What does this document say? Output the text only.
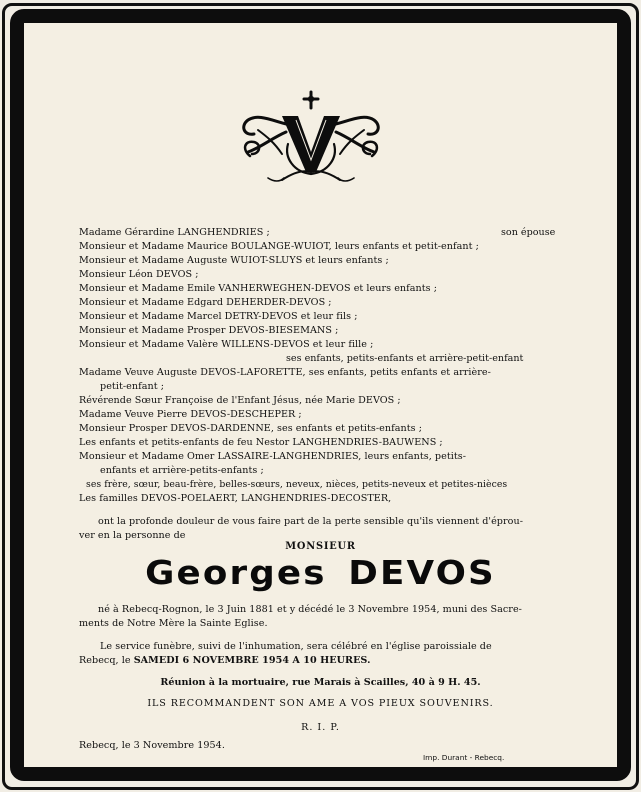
Madame Gérardine LANGHENDRIES ;	son épouse
Monsieur et Madame Maurice BOULANGE-WUIOT, leurs enfants et petit-enfant ;
Monsieur et Madame Auguste WUIOT-SLUYS et leurs enfants ;
Monsieur Léon DEVOS ;
Monsieur et Madame Emile VANHERWEGHEN-DEVOS et leurs enfants ;
Monsieur et Madame Edgard DEHERDER-DEVOS ;
Monsieur et Madame Marcel DETRY-DEVOS et leur fils ;
Monsieur et Madame Prosper DEVOS-BIESEMANS ;
Monsieur et Madame Valère WILLENS-DEVOS et leur fille ;
ses enfants, petits-enfants et arrière-petit-enfant
Madame Veuve Auguste DEVOS-LAFORETTE, ses enfants, petits enfants et arrière-
petit-enfant ;
Révérende Sœur Françoise de l'Enfant Jésus, née Marie DEVOS ;
Madame Veuve Pierre DEVOS-DESCHEPER ;
Monsieur Prosper DEVOS-DARDENNE, ses enfants et petits-enfants ;
Les enfants et petits-enfants de feu Nestor LANGHENDRIES-BAUWENS ;
Monsieur et Madame Omer LASSAIRE-LANGHENDRIES, leurs enfants, petits-
enfants et arrière-petits-enfants ;
ses frère, sœur, beau-frère, belles-sœurs, neveux, nièces, petits-neveux et petites-nièces
Les familles DEVOS-POELAERT, LANGHENDRIES-DECOSTER,
ont la profonde douleur de vous faire part de la perte sensible qu'ils viennent d'éprou-
ver en la personne de
MONSIEUR
Georges DEVOS
né à Rebecq-Rognon, le 3 Juin 1881 et y décédé le 3 Novembre 1954, muni des Sacre-
ments de Notre Mère la Sainte Eglise.
Le service funèbre, suivi de l'inhumation, sera célébré en l'église paroissiale de
Rebecq, le SAMEDI 6 NOVEMBRE 1954 A 10 HEURES.
Réunion à la mortuaire, rue Marais à Scailles, 40 à 9 H. 45.
ILS RECOMMANDENT SON AME A VOS PIEUX SOUVENIRS.
R. I. P.
Rebecq, le 3 Novembre 1954.
Imp. Durant - Rebecq.
